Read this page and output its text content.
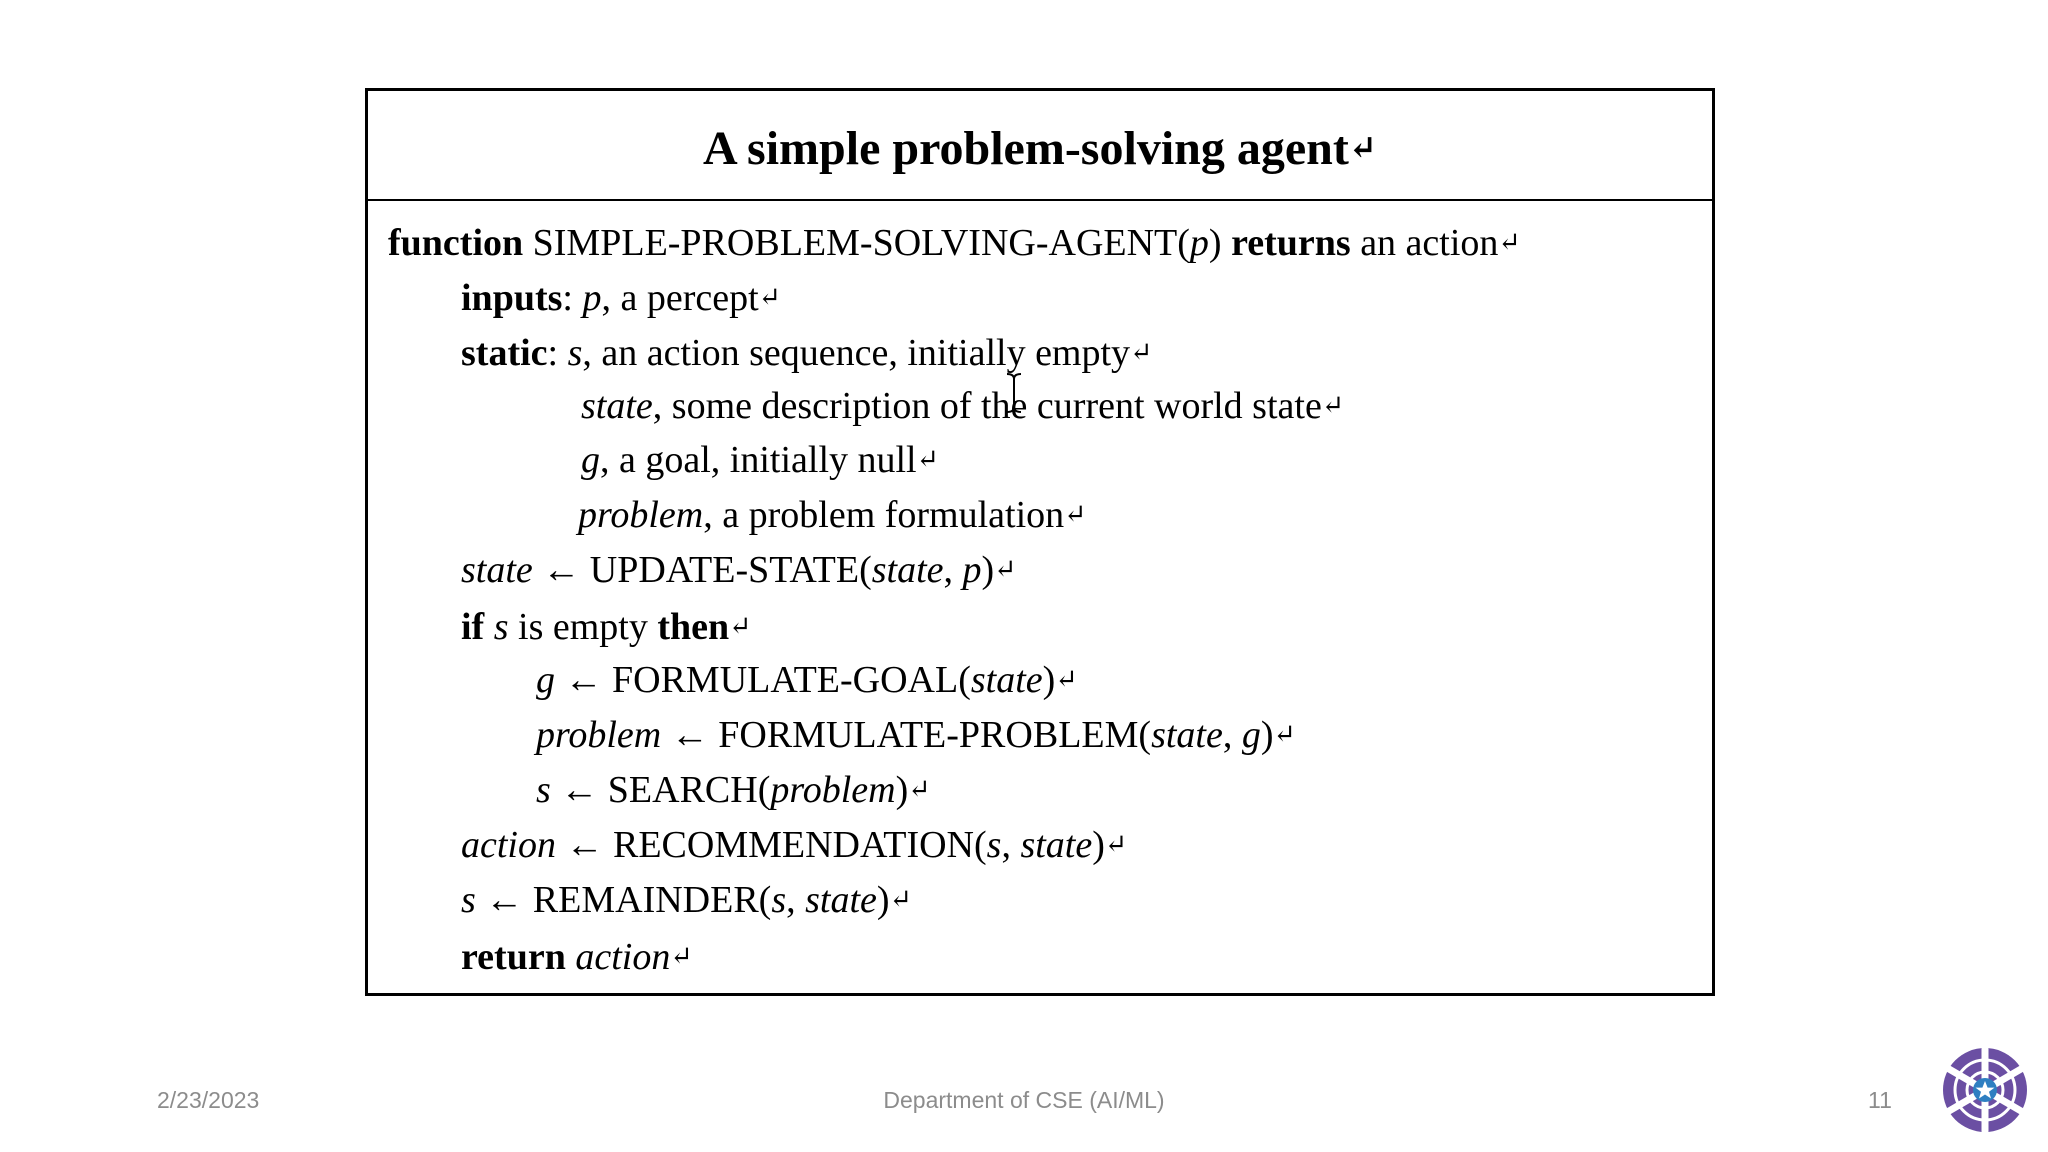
A simple problem-solving agent↵
function SIMPLE-PROBLEM-SOLVING-AGENT(p) returns an action↵
inputs: p, a percept↵
static: s, an action sequence, initially empty↵
state, some description of the current world state↵
g, a goal, initially null↵
problem, a problem formulation↵
state ← UPDATE-STATE(state, p)↵
if s is empty then↵
g ← FORMULATE-GOAL(state)↵
problem ← FORMULATE-PROBLEM(state, g)↵
s ← SEARCH(problem)↵
action ← RECOMMENDATION(s, state)↵
s ← REMAINDER(s, state)↵
return action↵
2/23/2023	Department of CSE (AI/ML)	11
